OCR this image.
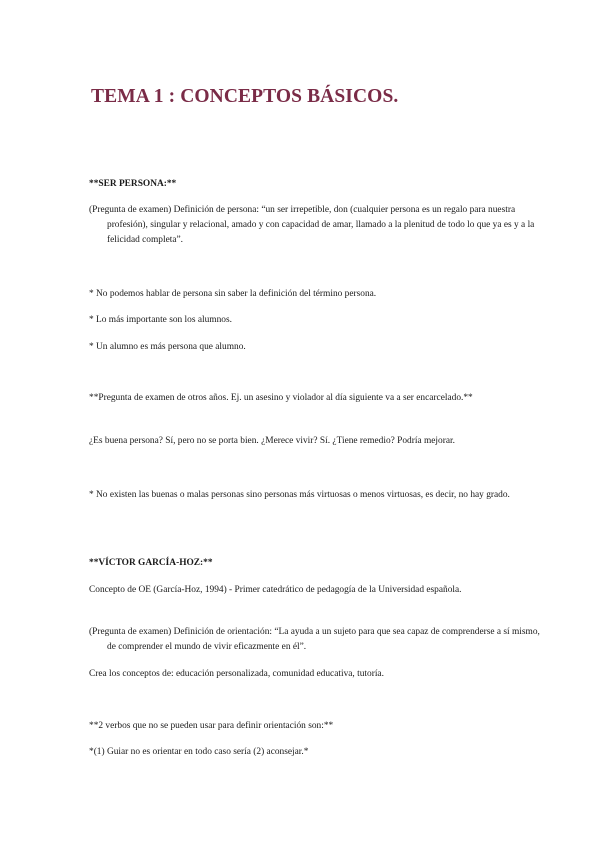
TEMA 1 : CONCEPTOS BÁSICOS.

**SER PERSONA:**

(Pregunta de examen) Definición de persona: “un ser irrepetible, don (cualquier persona es un regalo para nuestra profesión), singular y relacional, amado y con capacidad de amar, llamado a la plenitud de todo lo que ya es y a la felicidad completa”.

* No podemos hablar de persona sin saber la definición del término persona.

* Lo más importante son los alumnos.

* Un alumno es más persona que alumno.

**Pregunta de examen de otros años. Ej. un asesino y violador al día siguiente va a ser encarcelado.**

¿Es buena persona? Sí, pero no se porta bien. ¿Merece vivir? Sí. ¿Tiene remedio? Podría mejorar.

* No existen las buenas o malas personas sino personas más virtuosas o menos virtuosas, es decir, no hay grado.

**VÍCTOR GARCÍA-HOZ:**

Concepto de OE (García-Hoz, 1994) - Primer catedrático de pedagogía de la Universidad española.

(Pregunta de examen) Definición de orientación: “La ayuda a un sujeto para que sea capaz de comprenderse a sí mismo, de comprender el mundo de vivir eficazmente en él”.

Crea los conceptos de: educación personalizada, comunidad educativa, tutoría.

**2 verbos que no se pueden usar para definir orientación son:**

*(1) Guiar no es orientar en todo caso sería (2) aconsejar.*
